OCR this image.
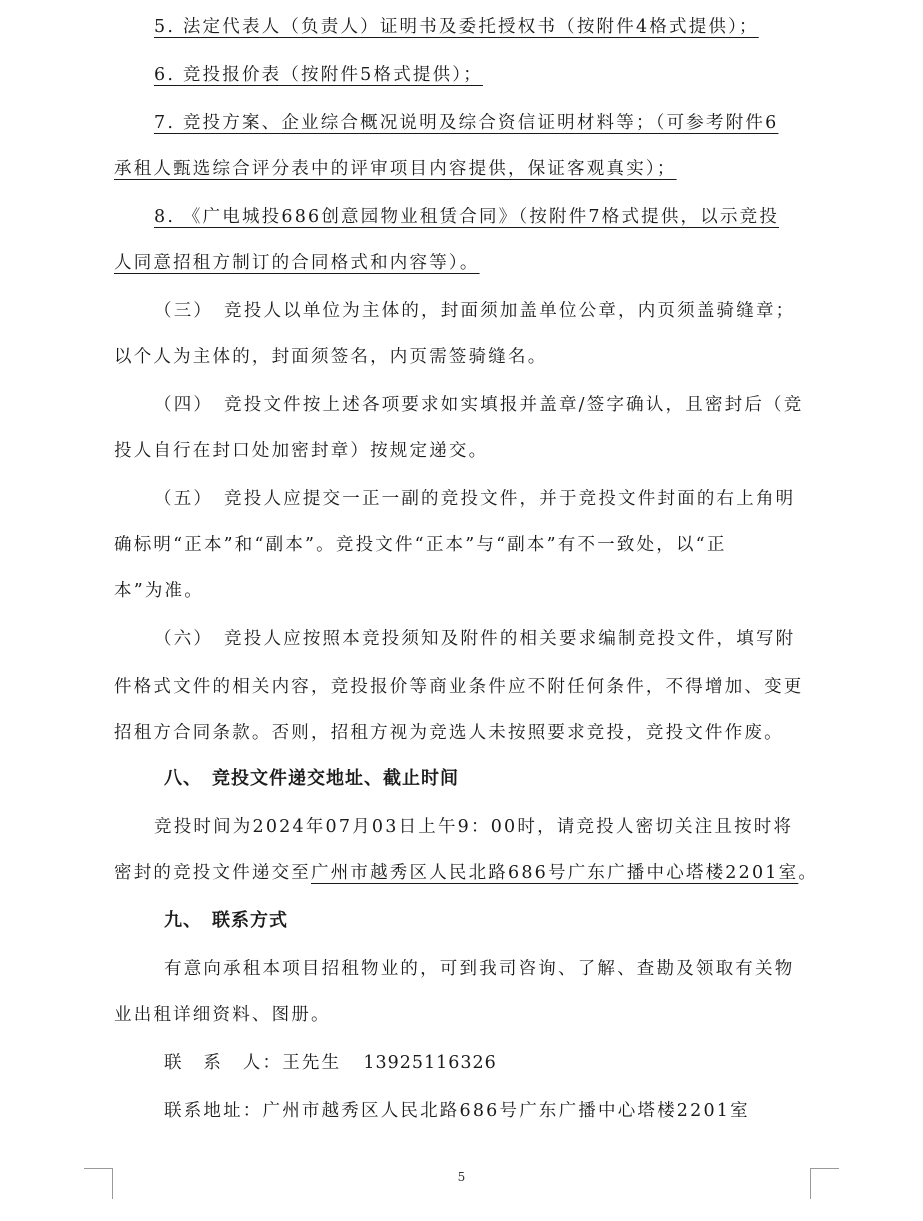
5. 法定代表人（负责人）证明书及委托授权书（按附件4格式提供）；
6. 竞投报价表（按附件5格式提供）；
7. 竞投方案、企业综合概况说明及综合资信证明材料等；（可参考附件6
承租人甄选综合评分表中的评审项目内容提供，保证客观真实）；
8. 《广电城投686创意园物业租赁合同》（按附件7格式提供，以示竞投
人同意招租方制订的合同格式和内容等）。
（三）　竞投人以单位为主体的，封面须加盖单位公章，内页须盖骑缝章；
以个人为主体的，封面须签名，内页需签骑缝名。
（四）　竞投文件按上述各项要求如实填报并盖章/签字确认，且密封后（竞
投人自行在封口处加密封章）按规定递交。
（五）　竞投人应提交一正一副的竞投文件，并于竞投文件封面的右上角明
确标明“正本”和“副本”。竞投文件“正本”与“副本”有不一致处，以“正
本”为准。
（六）　竞投人应按照本竞投须知及附件的相关要求编制竞投文件，填写附
件格式文件的相关内容，竞投报价等商业条件应不附任何条件，不得增加、变更
招租方合同条款。否则，招租方视为竞选人未按照要求竞投，竞投文件作废。
八、　竞投文件递交地址、截止时间
竞投时间为2024年07月03日上午9：00时，请竞投人密切关注且按时将
密封的竞投文件递交至广州市越秀区人民北路686号广东广播中心塔楼2201室。
九、　联系方式
有意向承租本项目招租物业的，可到我司咨询、了解、查勘及领取有关物
业出租详细资料、图册。
联　系　人：王先生 13925116326
联系地址：广州市越秀区人民北路686号广东广播中心塔楼2201室
5
